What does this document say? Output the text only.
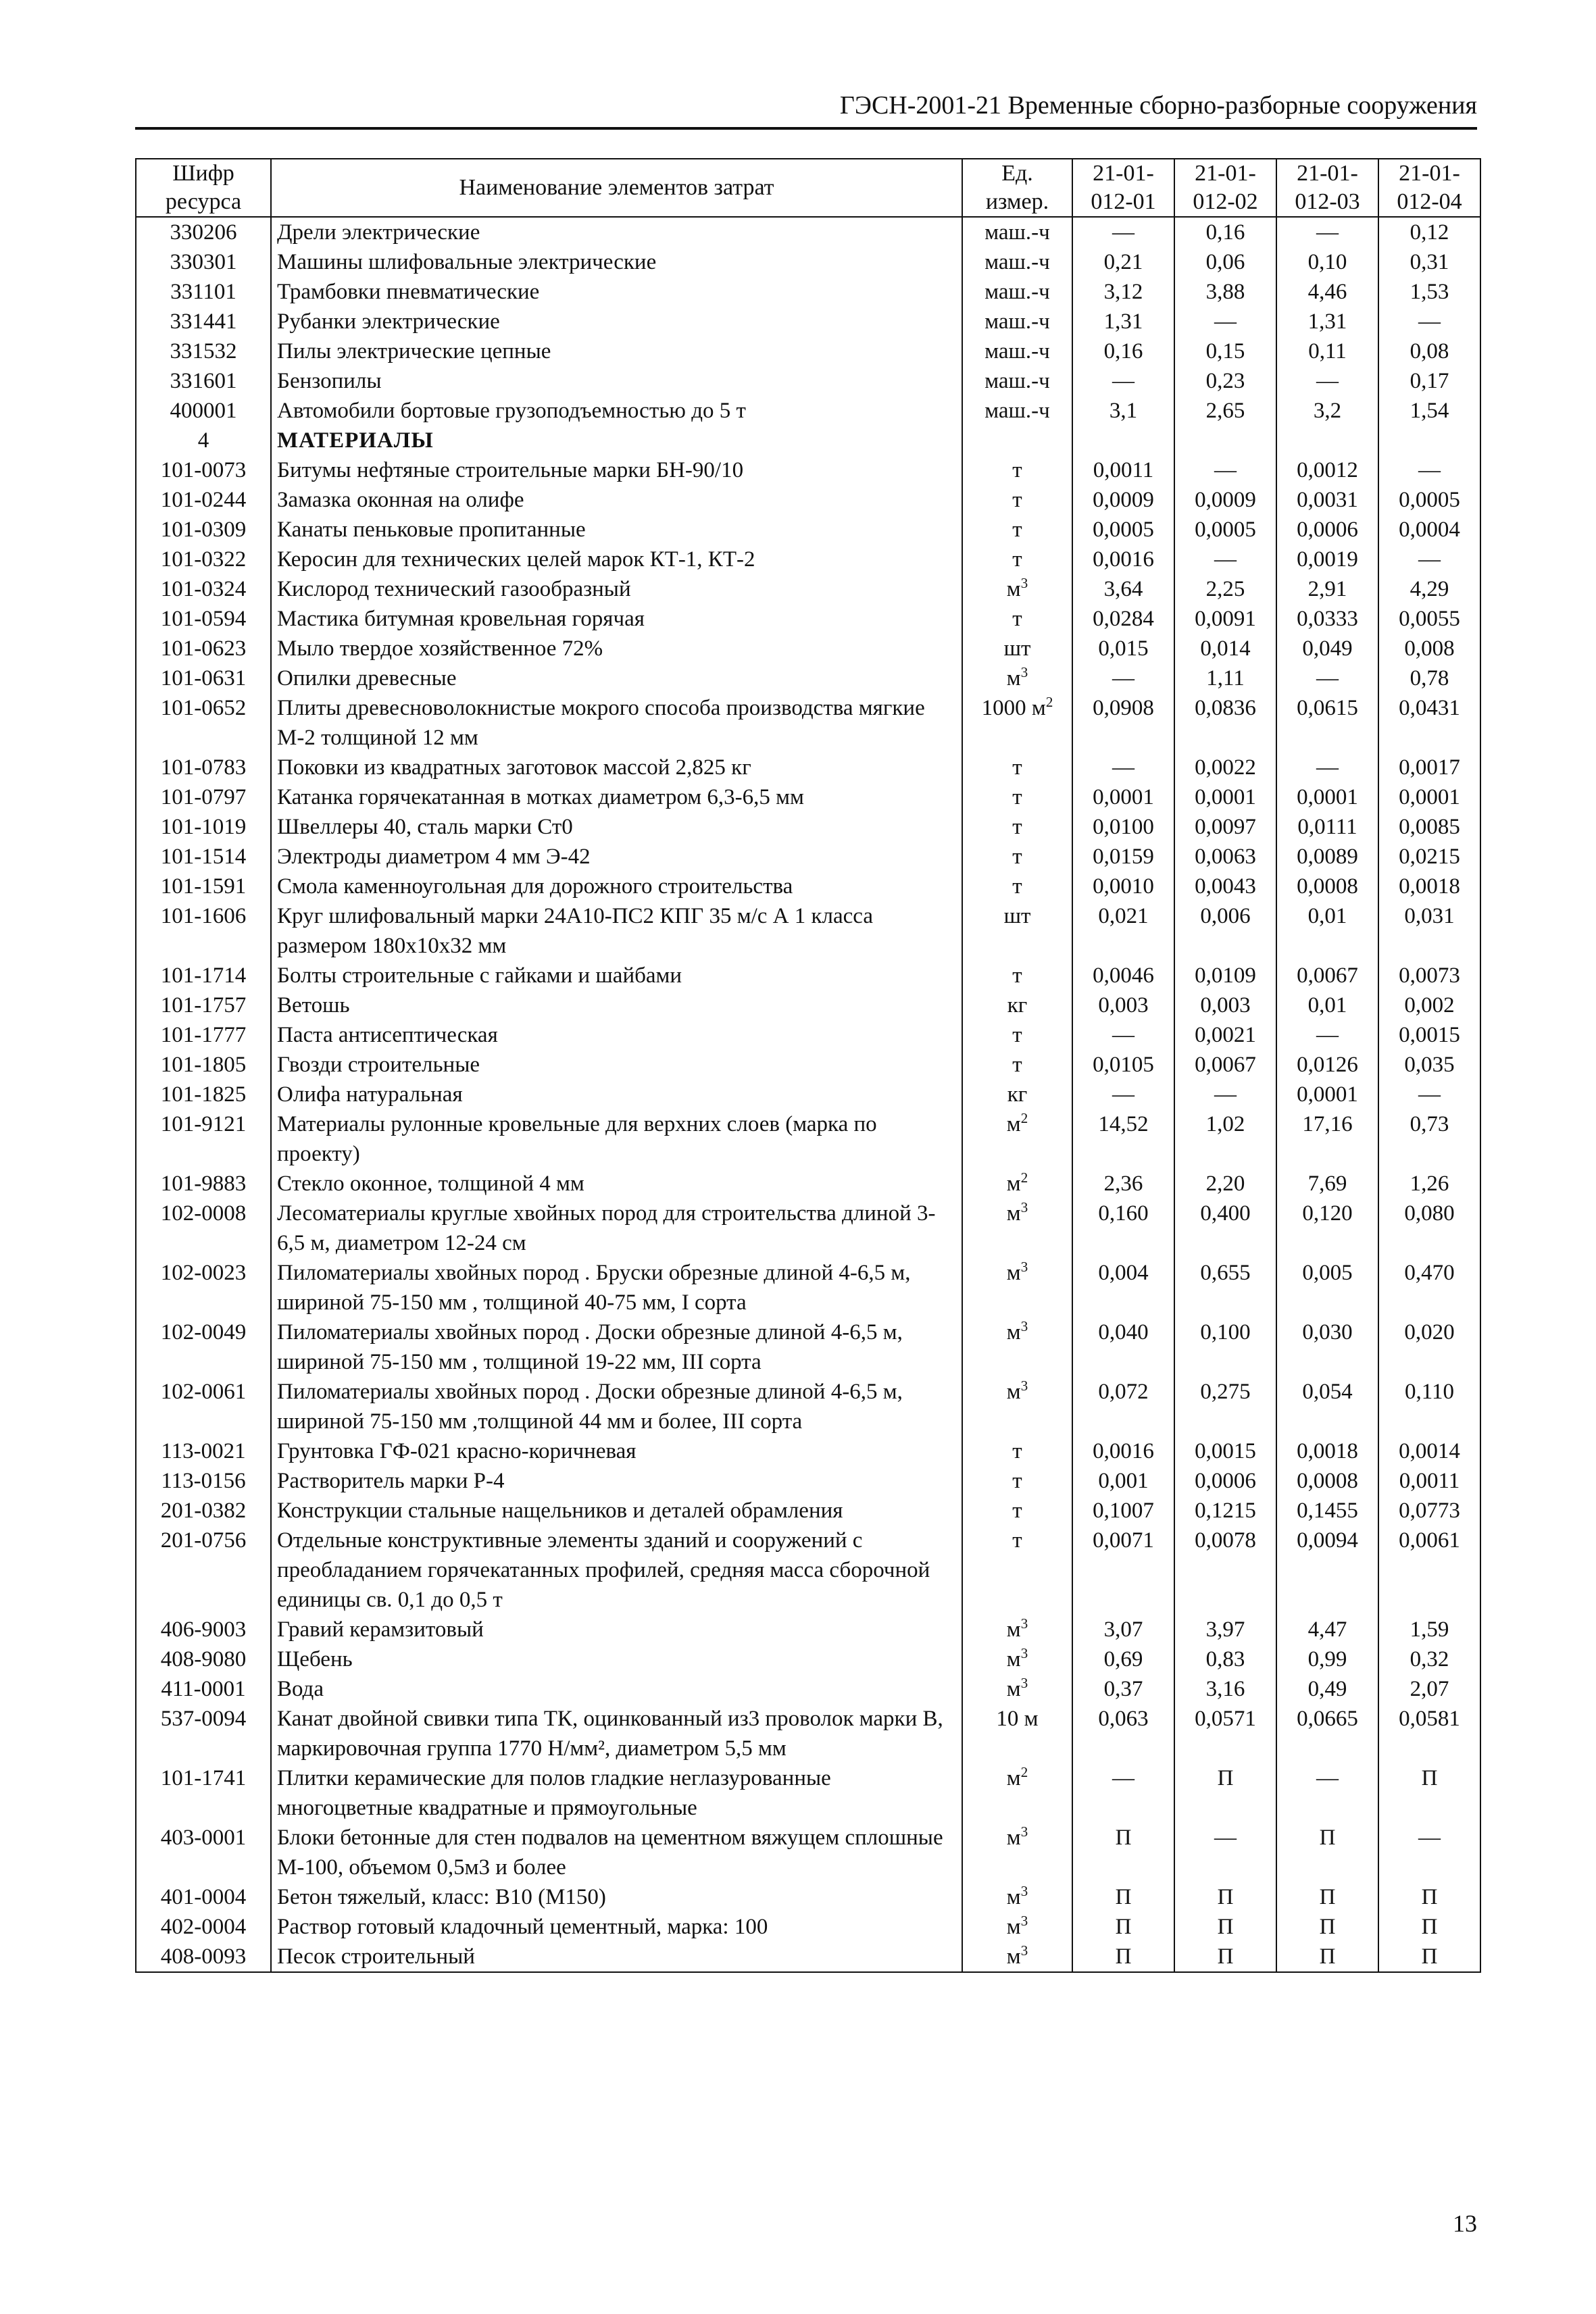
ГЭСН-2001-21 Временные сборно-разборные сооружения
Шифр ресурса	Наименование элементов затрат	Ед. измер.	21-01-012-01	21-01-012-02	21-01-012-03	21-01-012-04
330206	Дрели электрические	маш.-ч	—	0,16	—	0,12
330301	Машины шлифовальные электрические	маш.-ч	0,21	0,06	0,10	0,31
331101	Трамбовки пневматические	маш.-ч	3,12	3,88	4,46	1,53
331441	Рубанки электрические	маш.-ч	1,31	—	1,31	—
331532	Пилы электрические цепные	маш.-ч	0,16	0,15	0,11	0,08
331601	Бензопилы	маш.-ч	—	0,23	—	0,17
400001	Автомобили бортовые грузоподъемностью до 5 т	маш.-ч	3,1	2,65	3,2	1,54
4	МАТЕРИАЛЫ					
101-0073	Битумы нефтяные строительные марки БН-90/10	т	0,0011	—	0,0012	—
101-0244	Замазка оконная на олифе	т	0,0009	0,0009	0,0031	0,0005
101-0309	Канаты пеньковые пропитанные	т	0,0005	0,0005	0,0006	0,0004
101-0322	Керосин для технических целей марок КТ-1, КТ-2	т	0,0016	—	0,0019	—
101-0324	Кислород технический газообразный	$м^3$	3,64	2,25	2,91	4,29
101-0594	Мастика битумная кровельная горячая	т	0,0284	0,0091	0,0333	0,0055
101-0623	Мыло твердое хозяйственное 72%	шт	0,015	0,014	0,049	0,008
101-0631	Опилки древесные	$м^3$	—	1,11	—	0,78
101-0652	Плиты древесноволокнистые мокрого способа производства мягкие М-2 толщиной 12 мм	1000 $м^2$	0,0908	0,0836	0,0615	0,0431
101-0783	Поковки из квадратных заготовок массой 2,825 кг	т	—	0,0022	—	0,0017
101-0797	Катанка горячекатанная в мотках диаметром 6,3-6,5 мм	т	0,0001	0,0001	0,0001	0,0001
101-1019	Швеллеры 40, сталь марки Ст0	т	0,0100	0,0097	0,0111	0,0085
101-1514	Электроды диаметром 4 мм Э-42	т	0,0159	0,0063	0,0089	0,0215
101-1591	Смола каменноугольная для дорожного строительства	т	0,0010	0,0043	0,0008	0,0018
101-1606	Круг шлифовальный марки 24А10-ПС2 КПГ 35 м/с А 1 класса размером 180х10х32 мм	шт	0,021	0,006	0,01	0,031
101-1714	Болты строительные с гайками и шайбами	т	0,0046	0,0109	0,0067	0,0073
101-1757	Ветошь	кг	0,003	0,003	0,01	0,002
101-1777	Паста антисептическая	т	—	0,0021	—	0,0015
101-1805	Гвозди строительные	т	0,0105	0,0067	0,0126	0,035
101-1825	Олифа натуральная	кг	—	—	0,0001	—
101-9121	Материалы рулонные кровельные для верхних слоев (марка по проекту)	$м^2$	14,52	1,02	17,16	0,73
101-9883	Стекло оконное, толщиной 4 мм	$м^2$	2,36	2,20	7,69	1,26
102-0008	Лесоматериалы круглые хвойных пород для строительства длиной 3-6,5 м, диаметром 12-24 см	$м^3$	0,160	0,400	0,120	0,080
102-0023	Пиломатериалы хвойных пород . Бруски обрезные длиной 4-6,5 м, шириной 75-150 мм , толщиной 40-75 мм, I сорта	$м^3$	0,004	0,655	0,005	0,470
102-0049	Пиломатериалы хвойных пород . Доски обрезные длиной 4-6,5 м, шириной 75-150 мм , толщиной 19-22 мм, III сорта	$м^3$	0,040	0,100	0,030	0,020
102-0061	Пиломатериалы хвойных пород . Доски обрезные длиной 4-6,5 м, шириной 75-150 мм ,толщиной 44 мм и более, III сорта	$м^3$	0,072	0,275	0,054	0,110
113-0021	Грунтовка ГФ-021 красно-коричневая	т	0,0016	0,0015	0,0018	0,0014
113-0156	Растворитель марки Р-4	т	0,001	0,0006	0,0008	0,0011
201-0382	Конструкции стальные нащельников и деталей обрамления	т	0,1007	0,1215	0,1455	0,0773
201-0756	Отдельные конструктивные элементы зданий и сооружений с преобладанием горячекатанных профилей, средняя масса сборочной единицы св. 0,1 до 0,5 т	т	0,0071	0,0078	0,0094	0,0061
406-9003	Гравий керамзитовый	$м^3$	3,07	3,97	4,47	1,59
408-9080	Щебень	$м^3$	0,69	0,83	0,99	0,32
411-0001	Вода	$м^3$	0,37	3,16	0,49	2,07
537-0094	Канат двойной свивки типа ТК, оцинкованный из3 проволок марки В, маркировочная группа 1770 Н/мм², диаметром 5,5 мм	10 м	0,063	0,0571	0,0665	0,0581
101-1741	Плитки керамические для полов гладкие неглазурованные многоцветные квадратные и прямоугольные	$м^2$	—	П	—	П
403-0001	Блоки бетонные для стен подвалов на цементном вяжущем сплошные М-100, объемом 0,5м3 и более	$м^3$	П	—	П	—
401-0004	Бетон тяжелый, класс: В10 (М150)	$м^3$	П	П	П	П
402-0004	Раствор готовый кладочный цементный, марка: 100	$м^3$	П	П	П	П
408-0093	Песок строительный	$м^3$	П	П	П	П
13
